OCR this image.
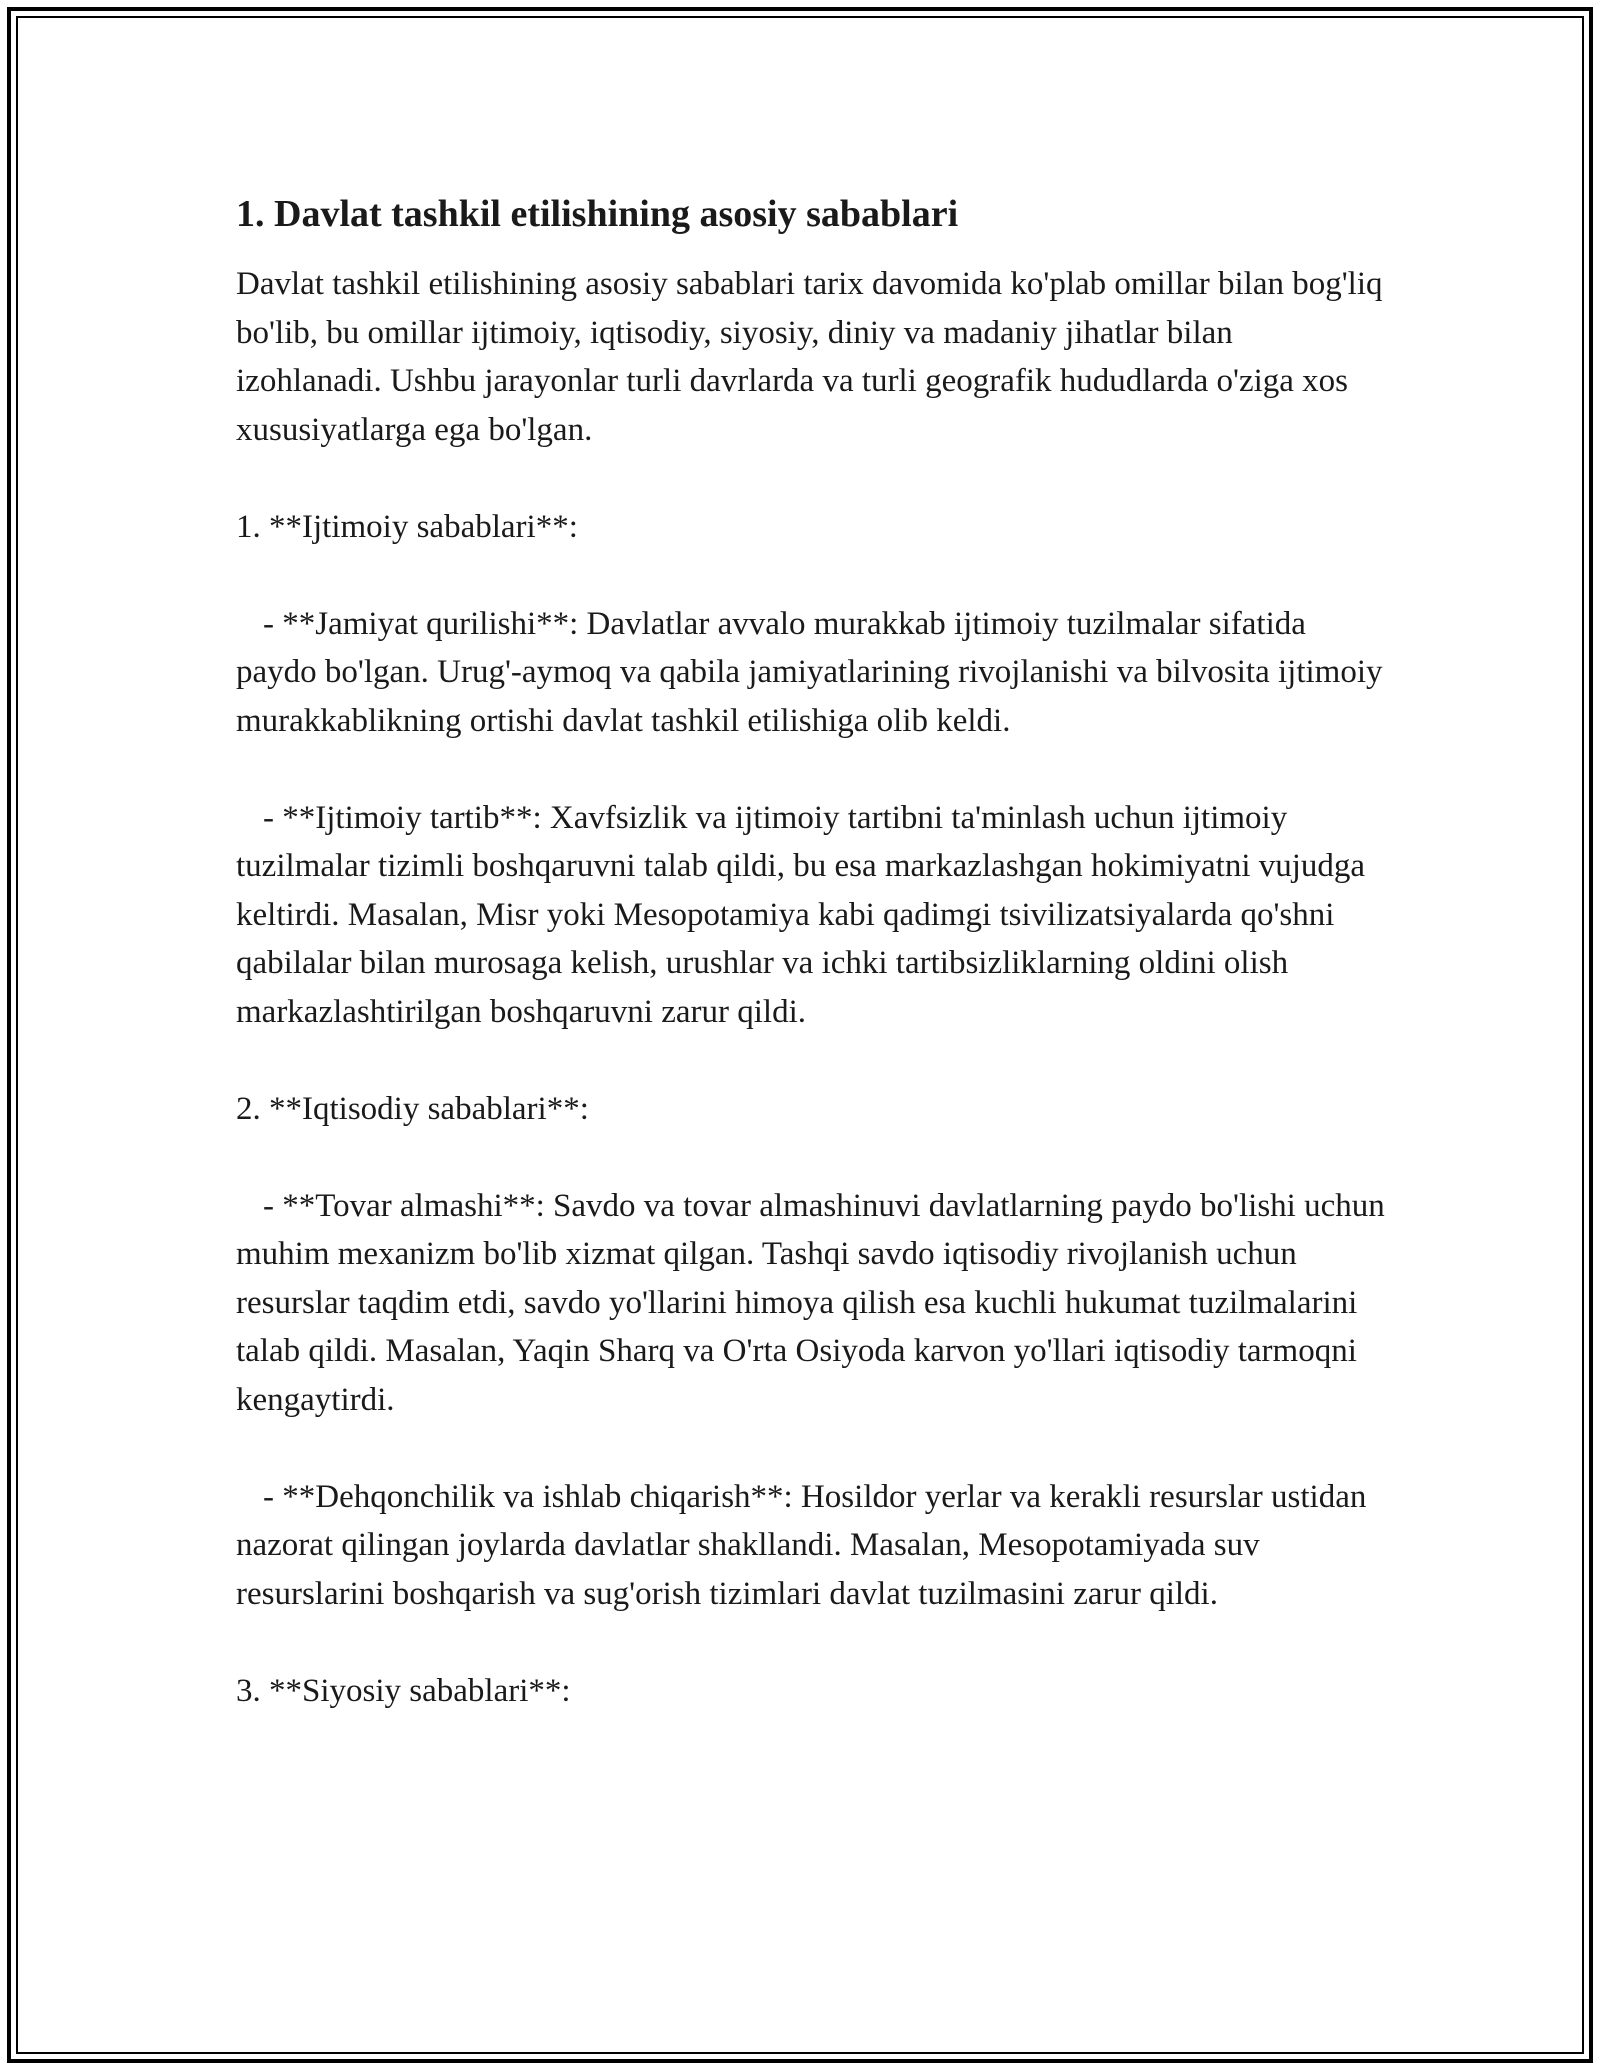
1. Davlat tashkil etilishining asosiy sabablari

Davlat tashkil etilishining asosiy sabablari tarix davomida ko'plab omillar bilan bog'liq bo'lib, bu omillar ijtimoiy, iqtisodiy, siyosiy, diniy va madaniy jihatlar bilan izohlanadi. Ushbu jarayonlar turli davrlarda va turli geografik hududlarda o'ziga xos xususiyatlarga ega bo'lgan.

1. **Ijtimoiy sabablari**:

- **Jamiyat qurilishi**: Davlatlar avvalo murakkab ijtimoiy tuzilmalar sifatida paydo bo'lgan. Urug'-aymoq va qabila jamiyatlarining rivojlanishi va bilvosita ijtimoiy murakkablikning ortishi davlat tashkil etilishiga olib keldi.

- **Ijtimoiy tartib**: Xavfsizlik va ijtimoiy tartibni ta'minlash uchun ijtimoiy tuzilmalar tizimli boshqaruvni talab qildi, bu esa markazlashgan hokimiyatni vujudga keltirdi. Masalan, Misr yoki Mesopotamiya kabi qadimgi tsivilizatsiyalarda qo'shni qabilalar bilan murosaga kelish, urushlar va ichki tartibsizliklarning oldini olish markazlashtirilgan boshqaruvni zarur qildi.

2. **Iqtisodiy sabablari**:

- **Tovar almashi**: Savdo va tovar almashinuvi davlatlarning paydo bo'lishi uchun muhim mexanizm bo'lib xizmat qilgan. Tashqi savdo iqtisodiy rivojlanish uchun resurslar taqdim etdi, savdo yo'llarini himoya qilish esa kuchli hukumat tuzilmalarini talab qildi. Masalan, Yaqin Sharq va O'rta Osiyoda karvon yo'llari iqtisodiy tarmoqni kengaytirdi.

- **Dehqonchilik va ishlab chiqarish**: Hosildor yerlar va kerakli resurslar ustidan nazorat qilingan joylarda davlatlar shakllandi. Masalan, Mesopotamiyada suv resurslarini boshqarish va sug'orish tizimlari davlat tuzilmasini zarur qildi.

3. **Siyosiy sabablari**:
